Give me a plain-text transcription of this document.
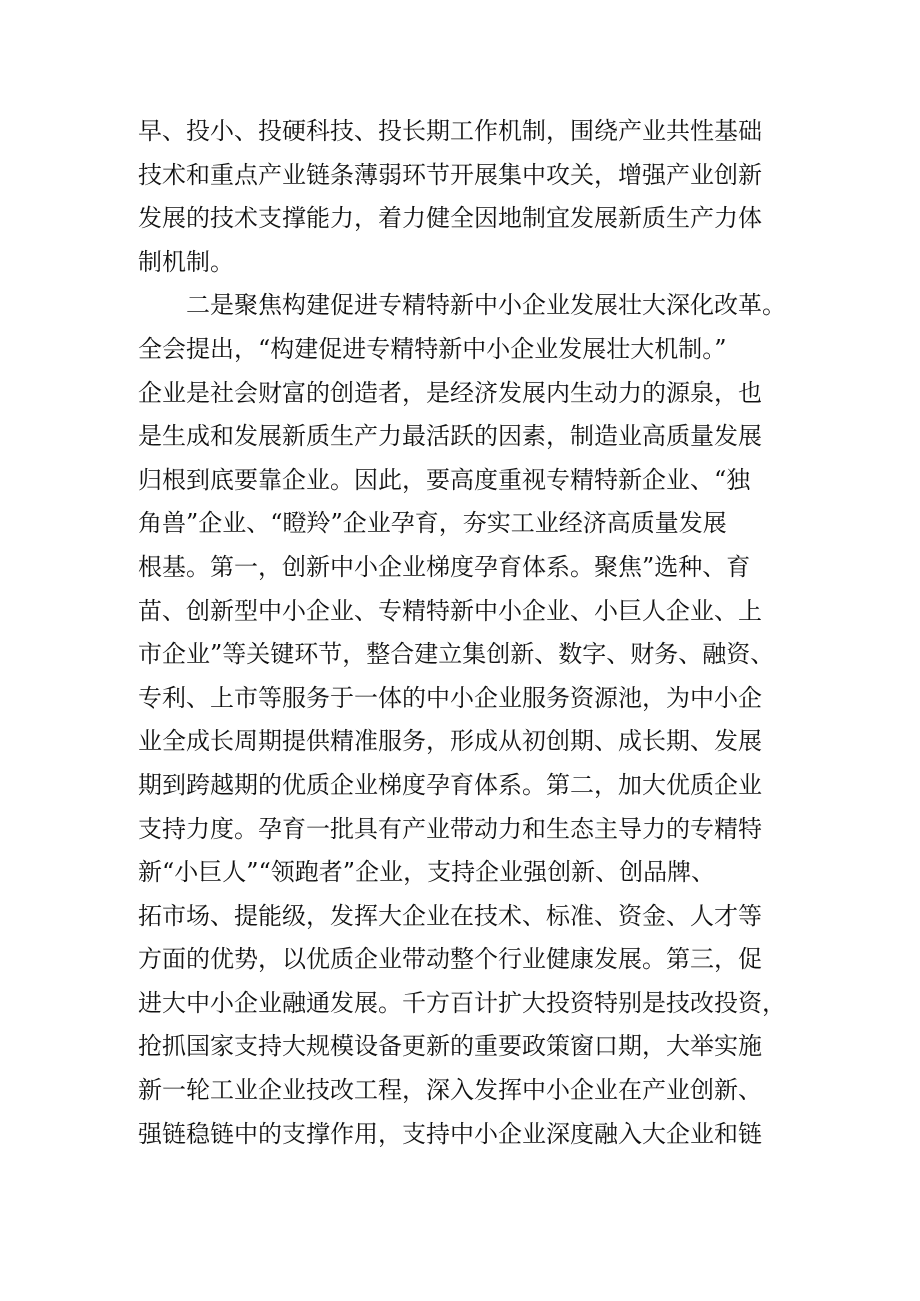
早、投小、投硬科技、投长期工作机制，围绕产业共性基础
技术和重点产业链条薄弱环节开展集中攻关，增强产业创新
发展的技术支撑能力，着力健全因地制宜发展新质生产力体
制机制。
二是聚焦构建促进专精特新中小企业发展壮大深化改革。
全会提出，“构建促进专精特新中小企业发展壮大机制。”
企业是社会财富的创造者，是经济发展内生动力的源泉，也
是生成和发展新质生产力最活跃的因素，制造业高质量发展
归根到底要靠企业。因此，要高度重视专精特新企业、“独
角兽”企业、“瞪羚”企业孕育，夯实工业经济高质量发展
根基。第一，创新中小企业梯度孕育体系。聚焦”选种、育
苗、创新型中小企业、专精特新中小企业、小巨人企业、上
市企业”等关键环节，整合建立集创新、数字、财务、融资、
专利、上市等服务于一体的中小企业服务资源池，为中小企
业全成长周期提供精准服务，形成从初创期、成长期、发展
期到跨越期的优质企业梯度孕育体系。第二，加大优质企业
支持力度。孕育一批具有产业带动力和生态主导力的专精特
新“小巨人”“领跑者”企业，支持企业强创新、创品牌、
拓市场、提能级，发挥大企业在技术、标准、资金、人才等
方面的优势，以优质企业带动整个行业健康发展。第三，促
进大中小企业融通发展。千方百计扩大投资特别是技改投资，
抢抓国家支持大规模设备更新的重要政策窗口期，大举实施
新一轮工业企业技改工程，深入发挥中小企业在产业创新、
强链稳链中的支撑作用，支持中小企业深度融入大企业和链
